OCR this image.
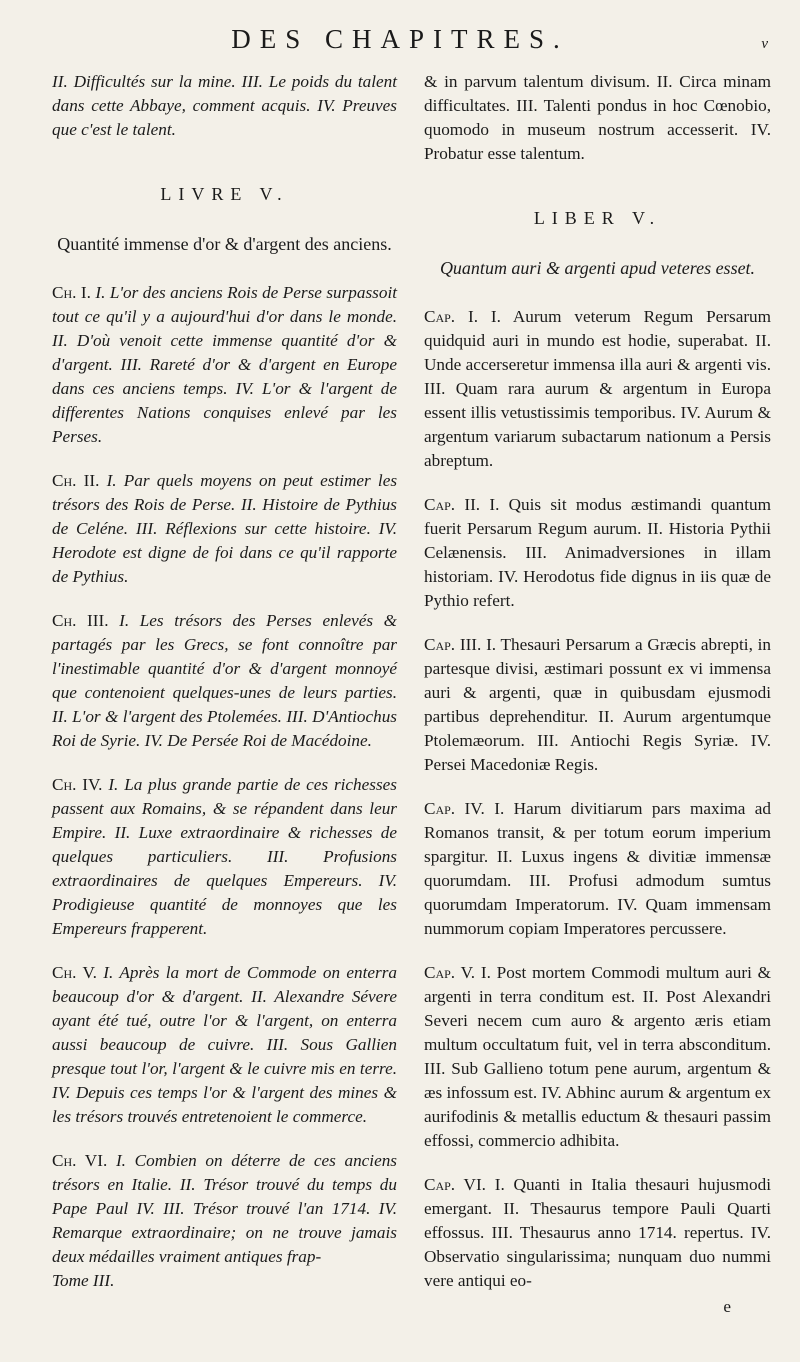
DES CHAPITRES.	v

II. Difficultés sur la mine. III. Le poids du talent dans cette Abbaye, comment acquis. IV. Preuves que c'est le talent.

LIVRE V.
Quantité immense d'or & d'argent des anciens.
Ch. I. I. L'or des anciens Rois de Perse surpassoit tout ce qu'il y a aujourd'hui d'or dans le monde. II. D'où venoit cette immense quantité d'or & d'argent. III. Rareté d'or & d'argent en Europe dans ces anciens temps. IV. L'or & l'argent de differentes Nations conquises enlevé par les Perses.
Ch. II. I. Par quels moyens on peut estimer les trésors des Rois de Perse. II. Histoire de Pythius de Celéne. III. Réflexions sur cette histoire. IV. Herodote est digne de foi dans ce qu'il rapporte de Pythius.
Ch. III. I. Les trésors des Perses enlevés & partagés par les Grecs, se font connoître par l'inestimable quantité d'or & d'argent monnoyé que contenoient quelques-unes de leurs parties. II. L'or & l'argent des Ptolemées. III. D'Antiochus Roi de Syrie. IV. De Persée Roi de Macédoine.
Ch. IV. I. La plus grande partie de ces richesses passent aux Romains, & se répandent dans leur Empire. II. Luxe extraordinaire & richesses de quelques particuliers. III. Profusions extraordinaires de quelques Empereurs. IV. Prodigieuse quantité de monnoyes que les Empereurs frapperent.
Ch. V. I. Après la mort de Commode on enterra beaucoup d'or & d'argent. II. Alexandre Sévere ayant été tué, outre l'or & l'argent, on enterra aussi beaucoup de cuivre. III. Sous Gallien presque tout l'or, l'argent & le cuivre mis en terre. IV. Depuis ces temps l'or & l'argent des mines & les trésors trouvés entretenoient le commerce.
Ch. VI. I. Combien on déterre de ces anciens trésors en Italie. II. Trésor trouvé du temps du Pape Paul IV. III. Trésor trouvé l'an 1714. IV. Remarque extraordinaire; on ne trouve jamais deux médailles vraiment antiques frap-
Tome III.

& in parvum talentum divisum. II. Circa minam difficultates. III. Talenti pondus in hoc Cœnobio, quomodo in museum nostrum accesserit. IV. Probatur esse talentum.

LIBER V.
Quantum auri & argenti apud veteres esset.
Cap. I. I. Aurum veterum Regum Persarum quidquid auri in mundo est hodie, superabat. II. Unde accerseretur immensa illa auri & argenti vis. III. Quam rara aurum & argentum in Europa essent illis vetustissimis temporibus. IV. Aurum & argentum variarum subactarum nationum a Persis abreptum.
Cap. II. I. Quis sit modus æstimandi quantum fuerit Persarum Regum aurum. II. Historia Pythii Celænensis. III. Animadversiones in illam historiam. IV. Herodotus fide dignus in iis quæ de Pythio refert.
Cap. III. I. Thesauri Persarum a Græcis abrepti, in partesque divisi, æstimari possunt ex vi immensa auri & argenti, quæ in quibusdam ejusmodi partibus deprehenditur. II. Aurum argentumque Ptolemæorum. III. Antiochi Regis Syriæ. IV. Persei Macedoniæ Regis.
Cap. IV. I. Harum divitiarum pars maxima ad Romanos transit, & per totum eorum imperium spargitur. II. Luxus ingens & divitiæ immensæ quorumdam. III. Profusi admodum sumtus quorumdam Imperatorum. IV. Quam immensam nummorum copiam Imperatores percussere.
Cap. V. I. Post mortem Commodi multum auri & argenti in terra conditum est. II. Post Alexandri Severi necem cum auro & argento æris etiam multum occultatum fuit, vel in terra absconditum. III. Sub Gallieno totum pene aurum, argentum & æs infossum est. IV. Abhinc aurum & argentum ex aurifodinis & metallis eductum & thesauri passim effossi, commercio adhibita.
Cap. VI. I. Quanti in Italia thesauri hujusmodi emergant. II. Thesaurus tempore Pauli Quarti effossus. III. Thesaurus anno 1714. repertus. IV. Observatio singularissima; nunquam duo nummi vere antiqui eo-
e
